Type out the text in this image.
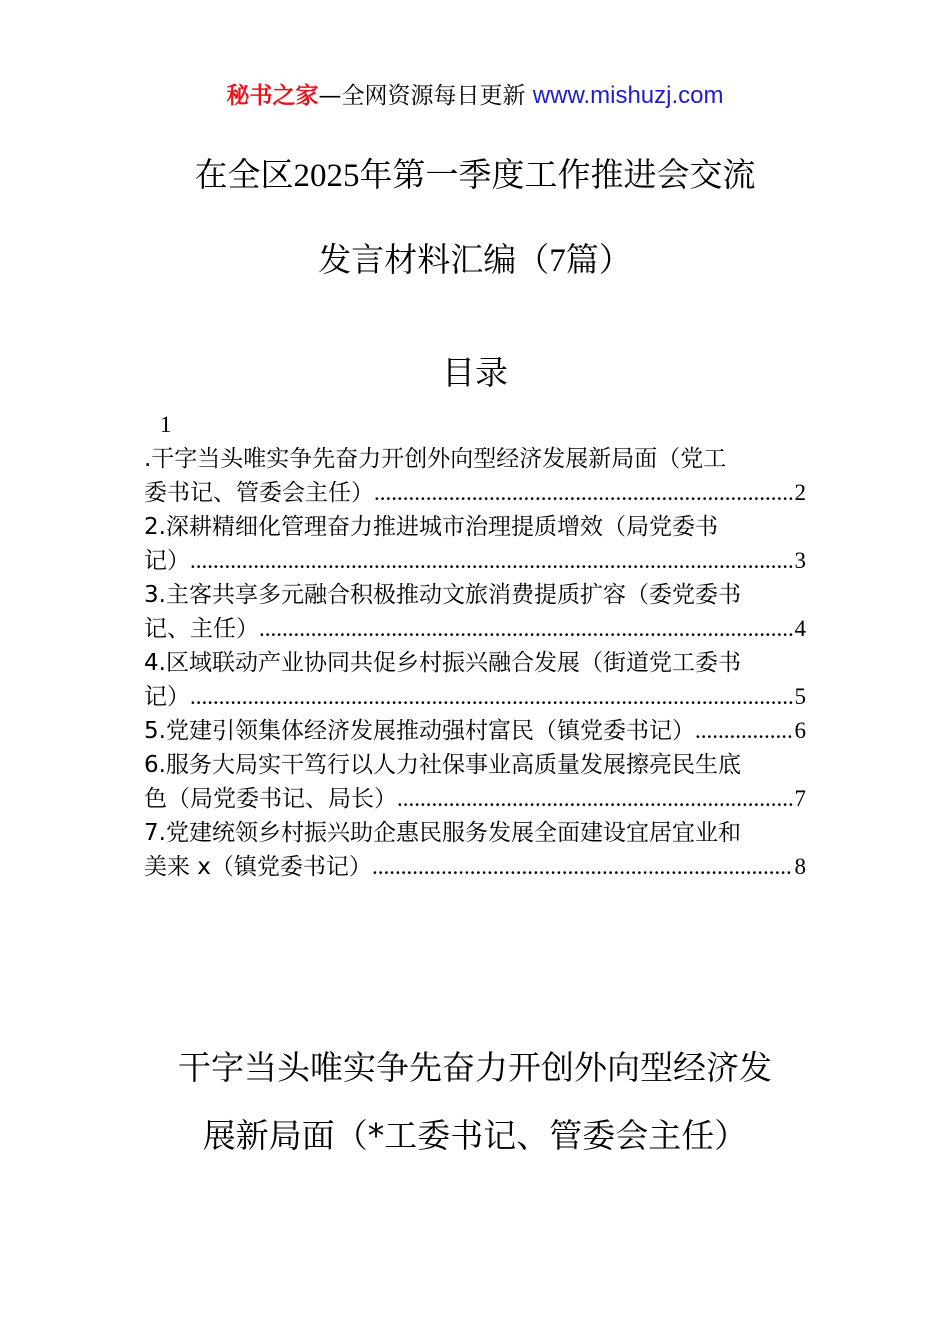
秘书之家—全网资源每日更新 www.mishuzj.com
在全区2025年第一季度工作推进会交流
发言材料汇编（7篇）
目录
1
.干字当头唯实争先奋力开创外向型经济发展新局面（党工
委书记、管委会主任） .....	2
2.深耕精细化管理奋力推进城市治理提质增效（局党委书
记） .....	3
3.主客共享多元融合积极推动文旅消费提质扩容（委党委书
记、主任） .....	4
4.区域联动产业协同共促乡村振兴融合发展（街道党工委书
记） .....	5
5.党建引领集体经济发展推动强村富民（镇党委书记） .....	6
6.服务大局实干笃行以人力社保事业高质量发展擦亮民生底
色（局党委书记、局长） .....	7
7.党建统领乡村振兴助企惠民服务发展全面建设宜居宜业和
美来 x（镇党委书记） .....	8
干字当头唯实争先奋力开创外向型经济发
展新局面（*工委书记、管委会主任）
